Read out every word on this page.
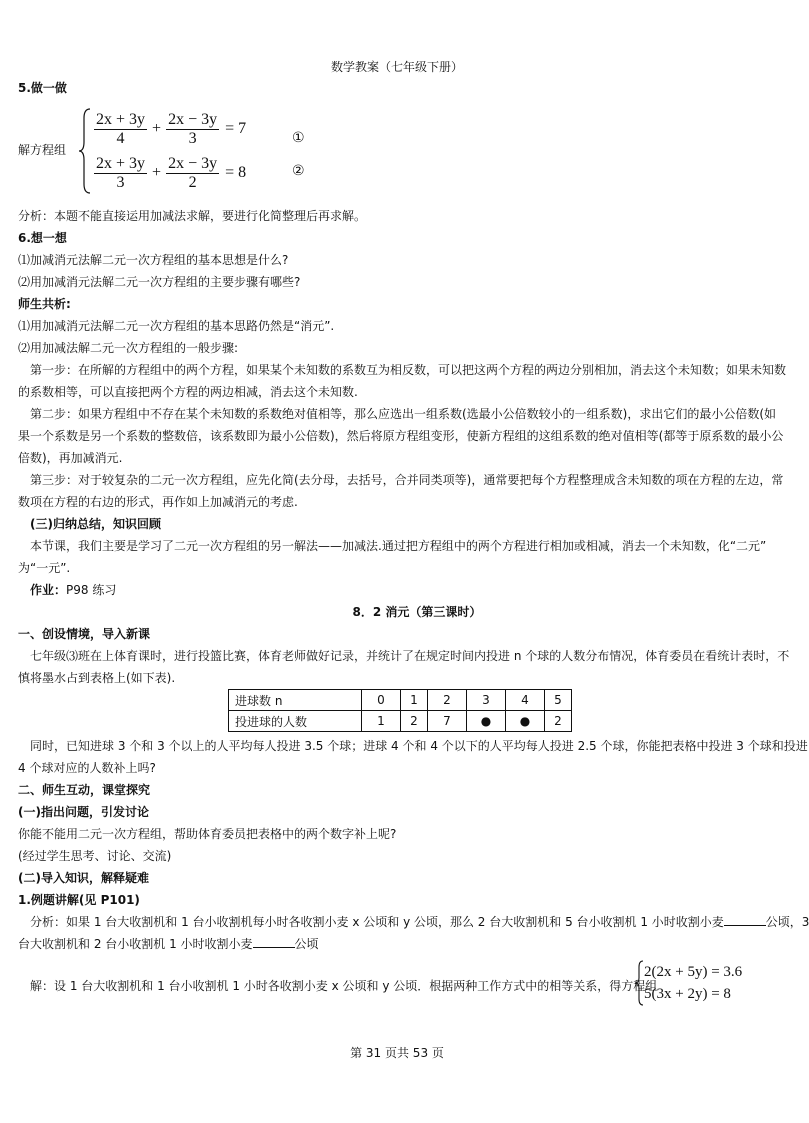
数学教案（七年级下册）
5.做一做
解方程组
$\frac{2x + 3y}{4} + \frac{2x - 3y}{3} = 7$
①
$\frac{2x + 3y}{3} + \frac{2x - 3y}{2} = 8$	②
分析：本题不能直接运用加减法求解，要进行化简整理后再求解。
6.想一想
⑴加减消元法解二元一次方程组的基本思想是什么?
⑵用加减消元法解二元一次方程组的主要步骤有哪些?
师生共析:
⑴用加减消元法解二元一次方程组的基本思路仍然是“消元”.
⑵用加减法解二元一次方程组的一般步骤:
第一步：在所解的方程组中的两个方程，如果某个未知数的系数互为相反数，可以把这两个方程的两边分别相加，消去这个未知数；如果未知数
的系数相等，可以直接把两个方程的两边相减，消去这个未知数.
第二步：如果方程组中不存在某个未知数的系数绝对值相等，那么应选出一组系数(选最小公倍数较小的一组系数)，求出它们的最小公倍数(如
果一个系数是另一个系数的整数倍，该系数即为最小公倍数)，然后将原方程组变形，使新方程组的这组系数的绝对值相等(都等于原系数的最小公
倍数)，再加减消元.
第三步：对于较复杂的二元一次方程组，应先化简(去分母，去括号，合并同类项等)，通常要把每个方程整理成含未知数的项在方程的左边，常
数项在方程的右边的形式，再作如上加减消元的考虑.
(三)归纳总结，知识回顾
本节课，我们主要是学习了二元一次方程组的另一解法——加减法.通过把方程组中的两个方程进行相加或相减，消去一个未知数，化“二元”
为“一元”.
作业：P98 练习
8．2 消元（第三课时）
一、创设情境，导入新课
七年级⑶班在上体育课时，进行投篮比赛，体育老师做好记录，并统计了在规定时间内投进 n 个球的人数分布情况，体育委员在看统计表时，不
慎将墨水占到表格上(如下表).
进球数 n	0	1	2	3	4	5
投进球的人数	1	2	7	●	●	2
同时，已知进球 3 个和 3 个以上的人平均每人投进 3.5 个球；进球 4 个和 4 个以下的人平均每人投进 2.5 个球，你能把表格中投进 3 个球和投进
4 个球对应的人数补上吗?
二、师生互动，课堂探究
(一)指出问题，引发讨论
你能不能用二元一次方程组，帮助体育委员把表格中的两个数字补上呢?
(经过学生思考、讨论、交流)
(二)导入知识，解释疑难
1.例题讲解(见 P101)
分析：如果 1 台大收割机和 1 台小收割机每小时各收割小麦 x 公顷和 y 公顷，那么 2 台大收割机和 5 台小收割机 1 小时收割小麦	公顷，3
台大收割机和 2 台小收割机 1 小时收割小麦	公顷
解：设 1 台大收割机和 1 台小收割机 1 小时各收割小麦 x 公顷和 y 公顷．根据两种工作方式中的相等关系，得方程组
2(2x + 5y) = 3.6
5(3x + 2y) = 8
第 31 页共 53 页
